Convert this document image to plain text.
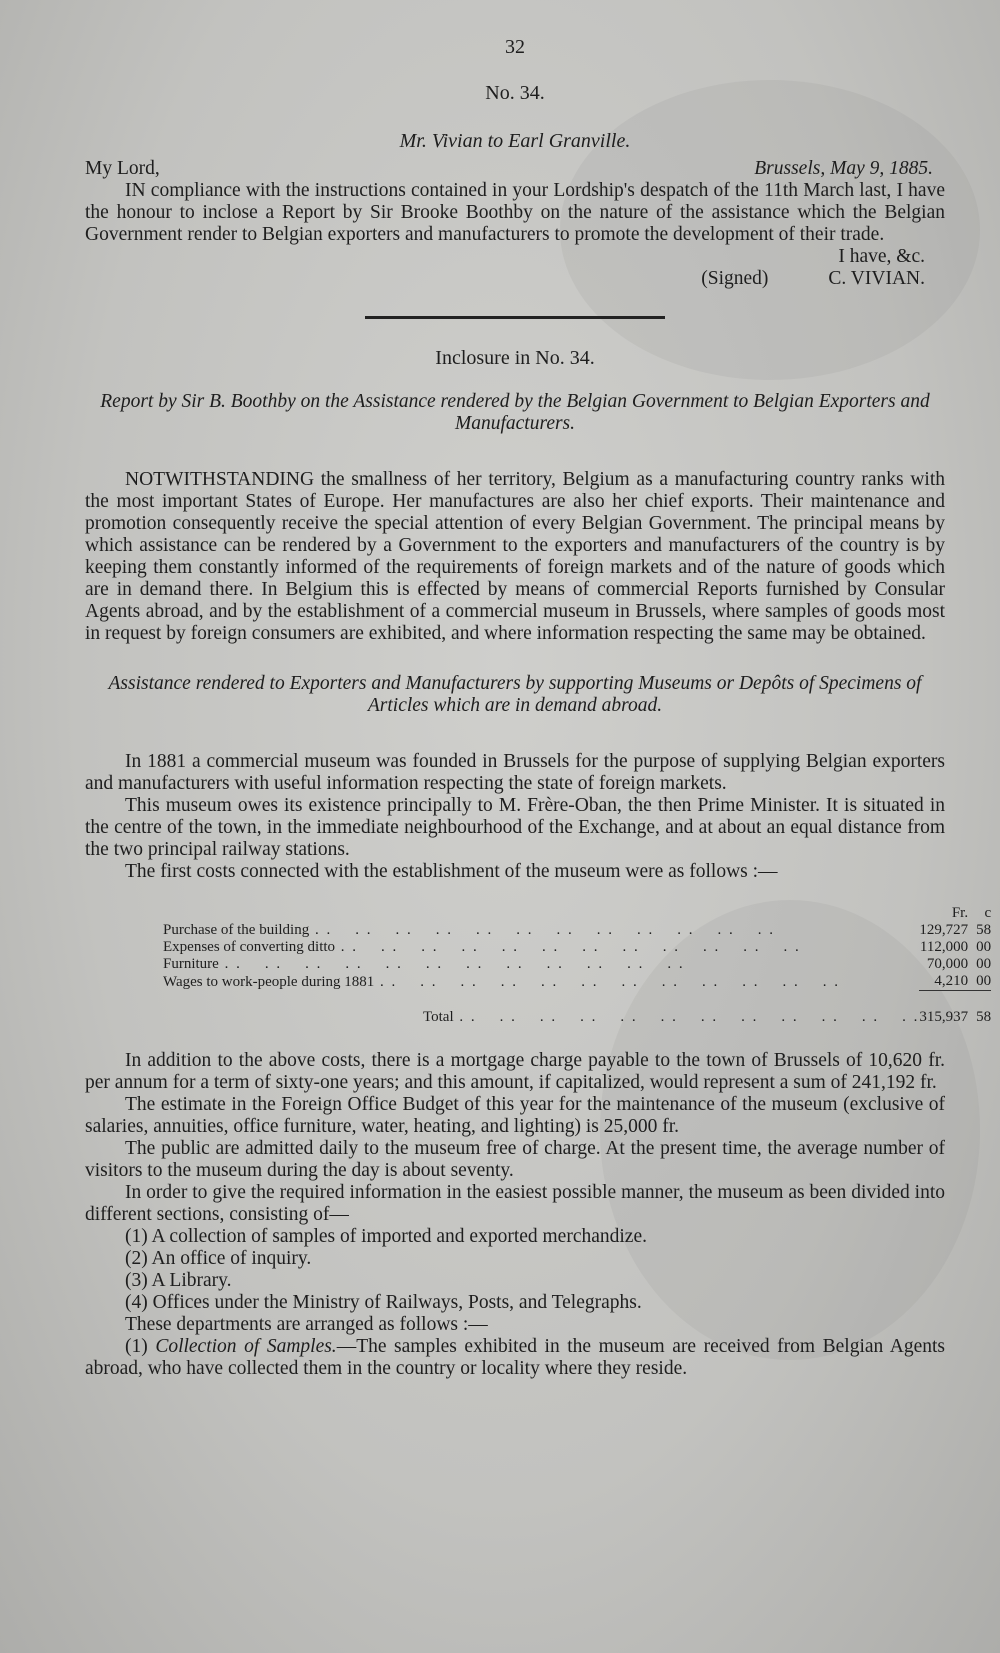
32
No. 34.
Mr. Vivian to Earl Granville.
My Lord,	Brussels, May 9, 1885.

IN compliance with the instructions contained in your Lordship's despatch of the 11th March last, I have the honour to inclose a Report by Sir Brooke Boothby on the nature of the assistance which the Belgian Government render to Belgian exporters and manufacturers to promote the development of their trade.

I have, &c.
(Signed)	C. VIVIAN.
Inclosure in No. 34.
Report by Sir B. Boothby on the Assistance rendered by the Belgian Government to Belgian Exporters and Manufacturers.

NOTWITHSTANDING the smallness of her territory, Belgium as a manufacturing country ranks with the most important States of Europe. Her manufactures are also her chief exports. Their maintenance and promotion consequently receive the special attention of every Belgian Government. The principal means by which assistance can be rendered by a Government to the exporters and manufacturers of the country is by keeping them constantly informed of the requirements of foreign markets and of the nature of goods which are in demand there. In Belgium this is effected by means of commercial Reports furnished by Consular Agents abroad, and by the establishment of a commercial museum in Brussels, where samples of goods most in request by foreign consumers are exhibited, and where information respecting the same may be obtained.

Assistance rendered to Exporters and Manufacturers by supporting Museums or Depôts of Specimens of Articles which are in demand abroad.

In 1881 a commercial museum was founded in Brussels for the purpose of supplying Belgian exporters and manufacturers with useful information respecting the state of foreign markets.

This museum owes its existence principally to M. Frère-Oban, the then Prime Minister. It is situated in the centre of the town, in the immediate neighbourhood of the Exchange, and at about an equal distance from the two principal railway stations.

The first costs connected with the establishment of the museum were as follows :—

	Fr.	c
Purchase of the building . .	129,727	58
Expenses of converting ditto . .	112,000	00
Furniture . .	70,000	00
Wages to work-people during 1881 . .	4,210	00
Total . .	315,937	58

In addition to the above costs, there is a mortgage charge payable to the town of Brussels of 10,620 fr. per annum for a term of sixty-one years; and this amount, if capitalized, would represent a sum of 241,192 fr.

The estimate in the Foreign Office Budget of this year for the maintenance of the museum (exclusive of salaries, annuities, office furniture, water, heating, and lighting) is 25,000 fr.

The public are admitted daily to the museum free of charge. At the present time, the average number of visitors to the museum during the day is about seventy.

In order to give the required information in the easiest possible manner, the museum as been divided into different sections, consisting of—

(1) A collection of samples of imported and exported merchandize.

(2) An office of inquiry.

(3) A Library.

(4) Offices under the Ministry of Railways, Posts, and Telegraphs.

These departments are arranged as follows :—

(1) Collection of Samples.—The samples exhibited in the museum are received from Belgian Agents abroad, who have collected them in the country or locality where they reside.
